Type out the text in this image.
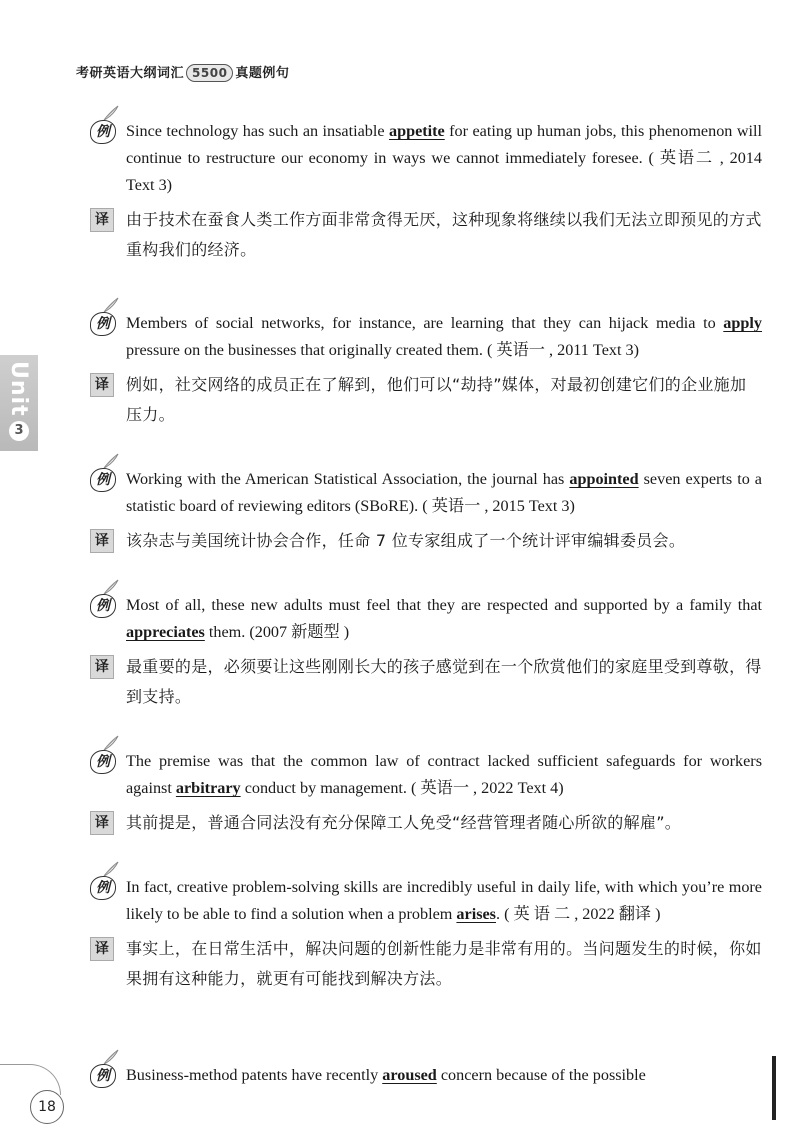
考研英语大纲词汇 5500 真题例句
Unit
3
例 Since technology has such an insatiable appetite for eating up human jobs, this phenomenon will continue to restructure our economy in ways we cannot immediately foresee. ( 英语二 , 2014 Text 3)
译	由于技术在蚕食人类工作方面非常贪得无厌，这种现象将继续以我们无法立即预见的方式重构我们的经济。
例 Members of social networks, for instance, are learning that they can hijack media to apply pressure on the businesses that originally created them. ( 英语一 , 2011 Text 3)
译	例如，社交网络的成员正在了解到，他们可以“劫持”媒体，对最初创建它们的企业施加压力。
例 Working with the American Statistical Association, the journal has appointed seven experts to a statistic board of reviewing editors (SBoRE). ( 英语一 , 2015 Text 3)
译	该杂志与美国统计协会合作，任命 7 位专家组成了一个统计评审编辑委员会。
例 Most of all, these new adults must feel that they are respected and supported by a family that appreciates them. (2007 新题型 )
译	最重要的是，必须要让这些刚刚长大的孩子感觉到在一个欣赏他们的家庭里受到尊敬，得到支持。
例 The premise was that the common law of contract lacked sufficient safeguards for workers against arbitrary conduct by management. ( 英语一 , 2022 Text 4)
译	其前提是，普通合同法没有充分保障工人免受“经营管理者随心所欲的解雇”。
例 In fact, creative problem-solving skills are incredibly useful in daily life, with which you’re more likely to be able to find a solution when a problem arises. ( 英 语 二 , 2022 翻译 )
译	事实上，在日常生活中，解决问题的创新性能力是非常有用的。当问题发生的时候，你如果拥有这种能力，就更有可能找到解决方法。
例 Business-method patents have recently aroused concern because of the possible
18
